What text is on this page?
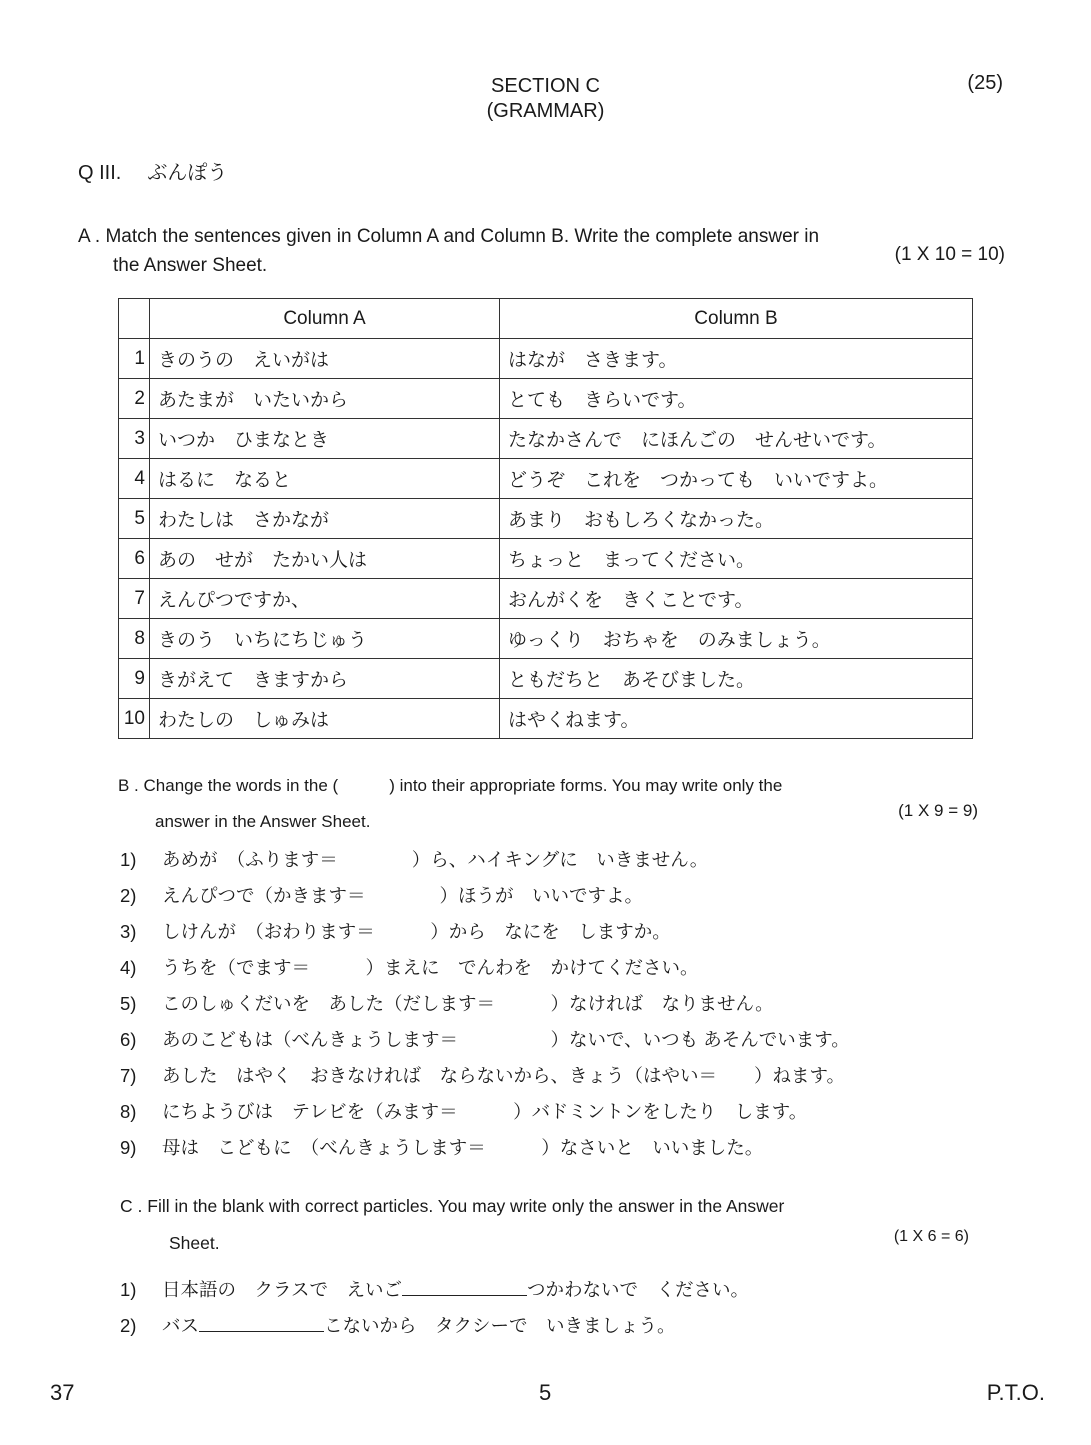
SECTION C
(GRAMMAR)
(25)
Q III. ぶんぽう
A . Match the sentences given in Column A and Column B. Write the complete answer in
the Answer Sheet.
(1 X 10 = 10)
	Column A	Column B
1	きのうの　えいがは	はなが　さきます。
2	あたまが　いたいから	とても　きらいです。
3	いつか　ひまなとき	たなかさんで　にほんごの　せんせいです。
4	はるに　なると	どうぞ　これを　つかっても　いいですよ。
5	わたしは　さかなが	あまり　おもしろくなかった。
6	あの　せが　たかい人は	ちょっと　まってください。
7	えんぴつですか、	おんがくを　きくことです。
8	きのう　いちにちじゅう	ゆっくり　おちゃを　のみましょう。
9	きがえて　きますから	ともだちと　あそびました。
10	わたしの　しゅみは	はやくねます。
B . Change the words in the (　　　) into their appropriate forms. You may write only the
answer in the Answer Sheet.
(1 X 9 = 9)
1) あめが　（ふります＝　　　　）ら、ハイキングに　いきません。
2) えんぴつで（かきます＝　　　　）ほうが　いいですよ。
3) しけんが　（おわります＝　　　）から　なにを　しますか。
4) うちを（でます＝　　　）まえに　でんわを　かけてください。
5) このしゅくだいを　あした（だします＝　　　）なければ　なりません。
6) あのこどもは（べんきょうします＝　　　　　）ないで、いつも あそんでいます。
7) あした　はやく　おきなければ　ならないから、きょう（はやい＝　　）ねます。
8) にちようびは　テレビを（みます＝　　　）バドミントンをしたり　します。
9) 母は　こどもに　（べんきょうします＝　　　）なさいと　いいました。
C . Fill in the blank with correct particles. You may write only the answer in the Answer
Sheet.	(1 X 6 = 6)
1) 日本語の　クラスで　えいご	つかわないで　ください。
2) バス	こないから　タクシーで　いきましょう。
37	5	P.T.O.
